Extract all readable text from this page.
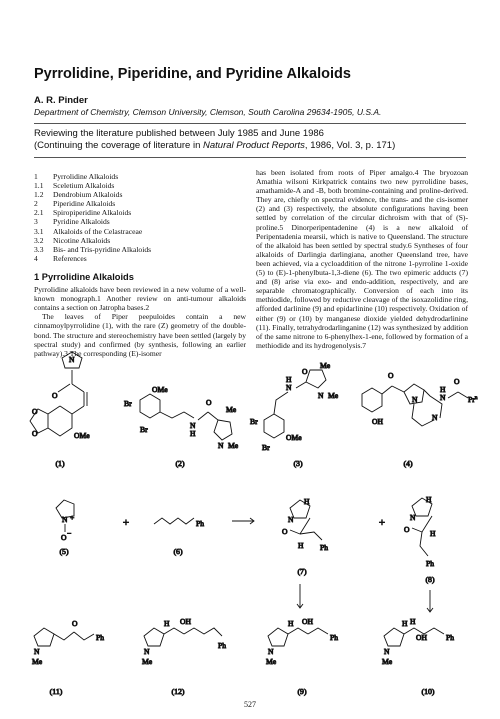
Pyrrolidine, Piperidine, and Pyridine Alkaloids
A. R. Pinder
Department of Chemistry, Clemson University, Clemson, South Carolina 29634-1905, U.S.A.
Reviewing the literature published between July 1985 and June 1986
(Continuing the coverage of literature in Natural Product Reports, 1986, Vol. 3, p. 171)
1 Pyrrolidine Alkaloids
1.1 Sceletium Alkaloids
1.2 Dendrobium Alkaloids
2 Piperidine Alkaloids
2.1 Spiropiperidine Alkaloids
3 Pyridine Alkaloids
3.1 Alkaloids of the Celastraceae
3.2 Nicotine Alkaloids
3.3 Bis- and Tris-pyridine Alkaloids
4 References
1 Pyrrolidine Alkaloids

Pyrrolidine alkaloids have been reviewed in a new volume of a well-known monograph.1 Another review on anti-tumour alkaloids contains a section on Jatropha bases.2

The leaves of Piper peepuloides contain a new cinnamoylpyrrolidine (1), with the rare (Z) geometry of the double-bond. The structure and stereochemistry have been settled (largely by spectral study) and confirmed (by synthesis, following an earlier pathway).3 The corresponding (E)-isomer

has been isolated from roots of Piper amalgo.4 The bryozoan Amathia wilsoni Kirkpatrick contains two new pyrrolidine bases, amathamide-A and -B, both bromine-containing and proline-derived. They are, chiefly on spectral evidence, the trans- and the cis-isomer (2) and (3) respectively, the absolute configurations having been settled by correlation of the circular dichroism with that of (S)-proline.5 Dinorperipentadenine (4) is a new alkaloid of Peripentadenia mearsii, which is native to Queensland. The structure of the alkaloid has been settled by spectral study.6 Syntheses of four alkaloids of Darlingia darlingiana, another Queensland tree, have been achieved, via a cycloaddition of the nitrone 1-pyrroline 1-oxide (5) to (E)-1-phenylbuta-1,3-diene (6). The two epimeric adducts (7) and (8) arise via exo- and endo-addition, respectively, and are separable chromatographically. Conversion of each into its methiodide, followed by reductive cleavage of the isoxazolidine ring, afforded darlinine (9) and epidarlinine (10) respectively. Oxidation of either (9) or (10) by manganese dioxide yielded dehydrodarlinine (11). Finally, tetrahydrodarlinganine (12) was synthesized by addition of the same nitrone to 6-phenylhex-1-ene, followed by formation of a methiodide and its hydrogenolysis.7

N
O
O
O	OMe
(1)
OMe
Br
Br	N
H
O
Me
N Me
(2)
Br
Br
OMe
N
H
O
Me
N Me
(3)
OH
O
N
N
H
N
O
Pr$^n$
(4)
N +
O −
(5)
+	Ph
(6)
H
N
O
Ph
H
(7)
+
H
N
O	H
Ph
(8)
N
Me
O
Ph
(11)
N
Me
H OH
Ph
(12)
N
Me
H OH
Ph
(9)
N
Me
H H
OH	Ph
(10)
527
